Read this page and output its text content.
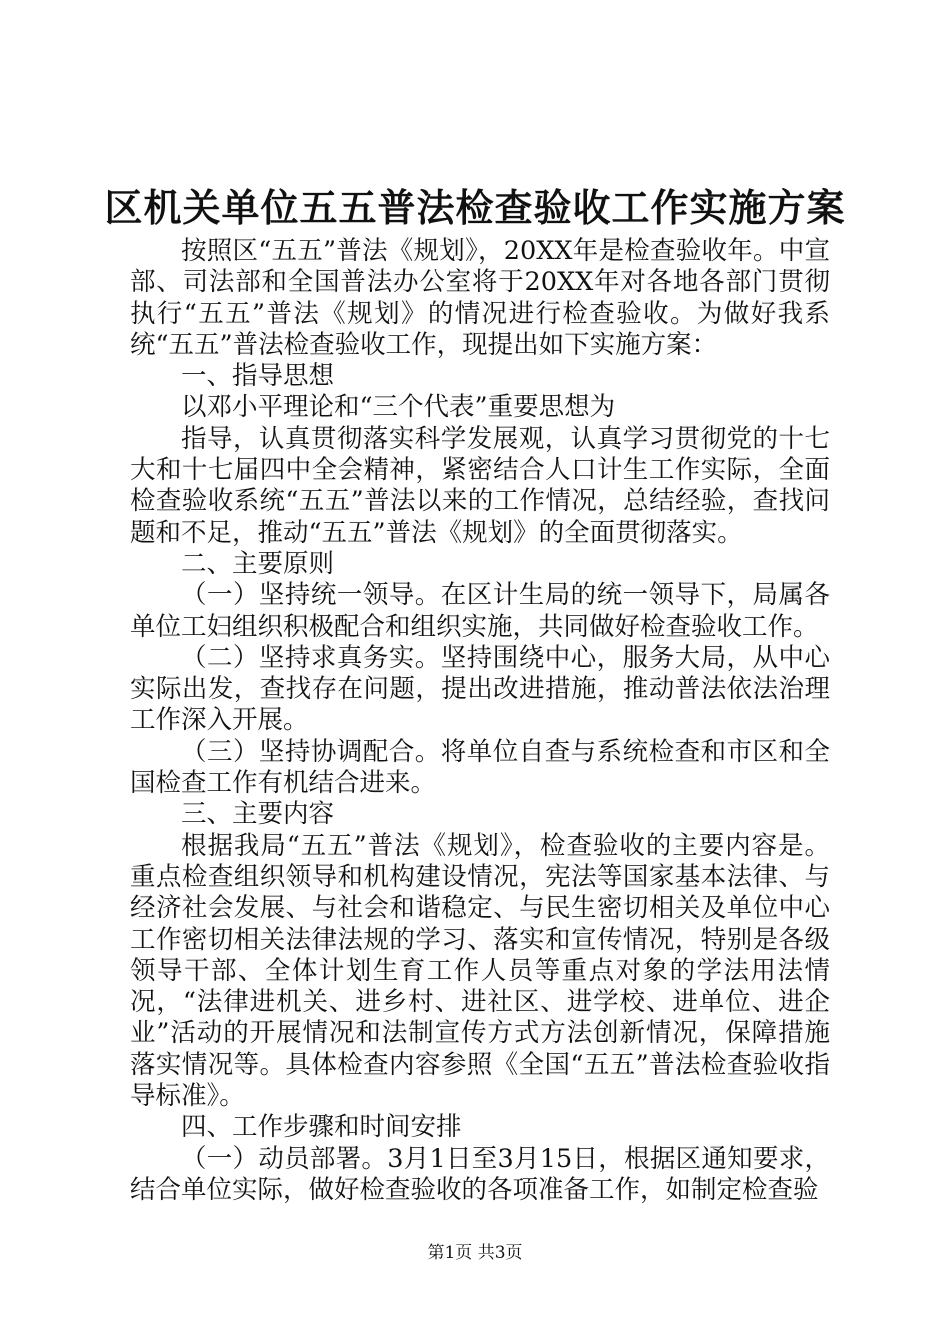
区机关单位五五普法检查验收工作实施方案

按照区“五五”普法《规划》，20XX年是检查验收年。中宣部、司法部和全国普法办公室将于20XX年对各地各部门贯彻执行“五五”普法《规划》的情况进行检查验收。为做好我系统“五五”普法检查验收工作，现提出如下实施方案：

一、指导思想

以邓小平理论和“三个代表”重要思想为

指导，认真贯彻落实科学发展观，认真学习贯彻党的十七大和十七届四中全会精神，紧密结合人口计生工作实际，全面检查验收系统“五五”普法以来的工作情况，总结经验，查找问题和不足，推动“五五”普法《规划》的全面贯彻落实。

二、主要原则

（一）坚持统一领导。在区计生局的统一领导下，局属各单位工妇组织积极配合和组织实施，共同做好检查验收工作。

（二）坚持求真务实。坚持围绕中心，服务大局，从中心实际出发，查找存在问题，提出改进措施，推动普法依法治理工作深入开展。

（三）坚持协调配合。将单位自查与系统检查和市区和全国检查工作有机结合进来。

三、主要内容

根据我局“五五”普法《规划》，检查验收的主要内容是。重点检查组织领导和机构建设情况，宪法等国家基本法律、与经济社会发展、与社会和谐稳定、与民生密切相关及单位中心工作密切相关法律法规的学习、落实和宣传情况，特别是各级领导干部、全体计划生育工作人员等重点对象的学法用法情况，“法律进机关、进乡村、进社区、进学校、进单位、进企业”活动的开展情况和法制宣传方式方法创新情况，保障措施落实情况等。具体检查内容参照《全国“五五”普法检查验收指导标准》。

四、工作步骤和时间安排

（一）动员部署。3月1日至3月15日，根据区通知要求，结合单位实际，做好检查验收的各项准备工作，如制定检查验

第1页 共3页
